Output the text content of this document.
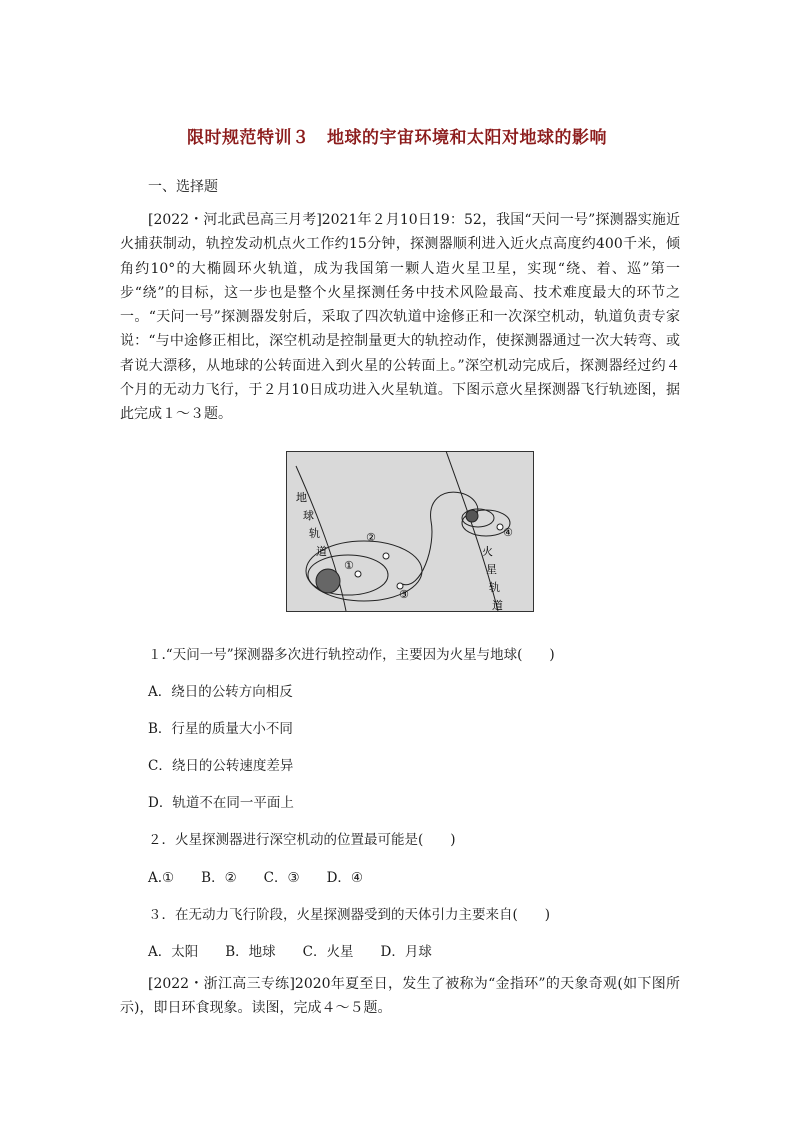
限时规范特训３　地球的宇宙环境和太阳对地球的影响
一、选择题
[2022・河北武邑高三月考]2021年２月10日19：52，我国“天问一号”探测器实施近火捕获制动，轨控发动机点火工作约15分钟，探测器顺利进入近火点高度约400千米，倾角约10°的大椭圆环火轨道，成为我国第一颗人造火星卫星，实现“绕、着、巡”第一步“绕”的目标，这一步也是整个火星探测任务中技术风险最高、技术难度最大的环节之一。“天问一号”探测器发射后，采取了四次轨道中途修正和一次深空机动，轨道负责专家说：“与中途修正相比，深空机动是控制量更大的轨控动作，使探测器通过一次大转弯、或者说大漂移，从地球的公转面进入到火星的公转面上。”深空机动完成后，探测器经过约４个月的无动力飞行，于２月10日成功进入火星轨道。下图示意火星探测器飞行轨迹图，据此完成１～３题。
地
球
轨
道	火
星
轨
道
①
②
③
④
１.“天问一号”探测器多次进行轨控动作，主要因为火星与地球(　　)
A．绕日的公转方向相反
B．行星的质量大小不同
C．绕日的公转速度差异
D．轨道不在同一平面上
２．火星探测器进行深空机动的位置最可能是(　　)
A.①　　B．②　　C．③　　D．④
３．在无动力飞行阶段，火星探测器受到的天体引力主要来自(　　)
A．太阳　　B．地球　　C．火星　　D．月球
[2022・浙江高三专练]2020年夏至日，发生了被称为“金指环”的天象奇观(如下图所示)，即日环食现象。读图，完成４～５题。
